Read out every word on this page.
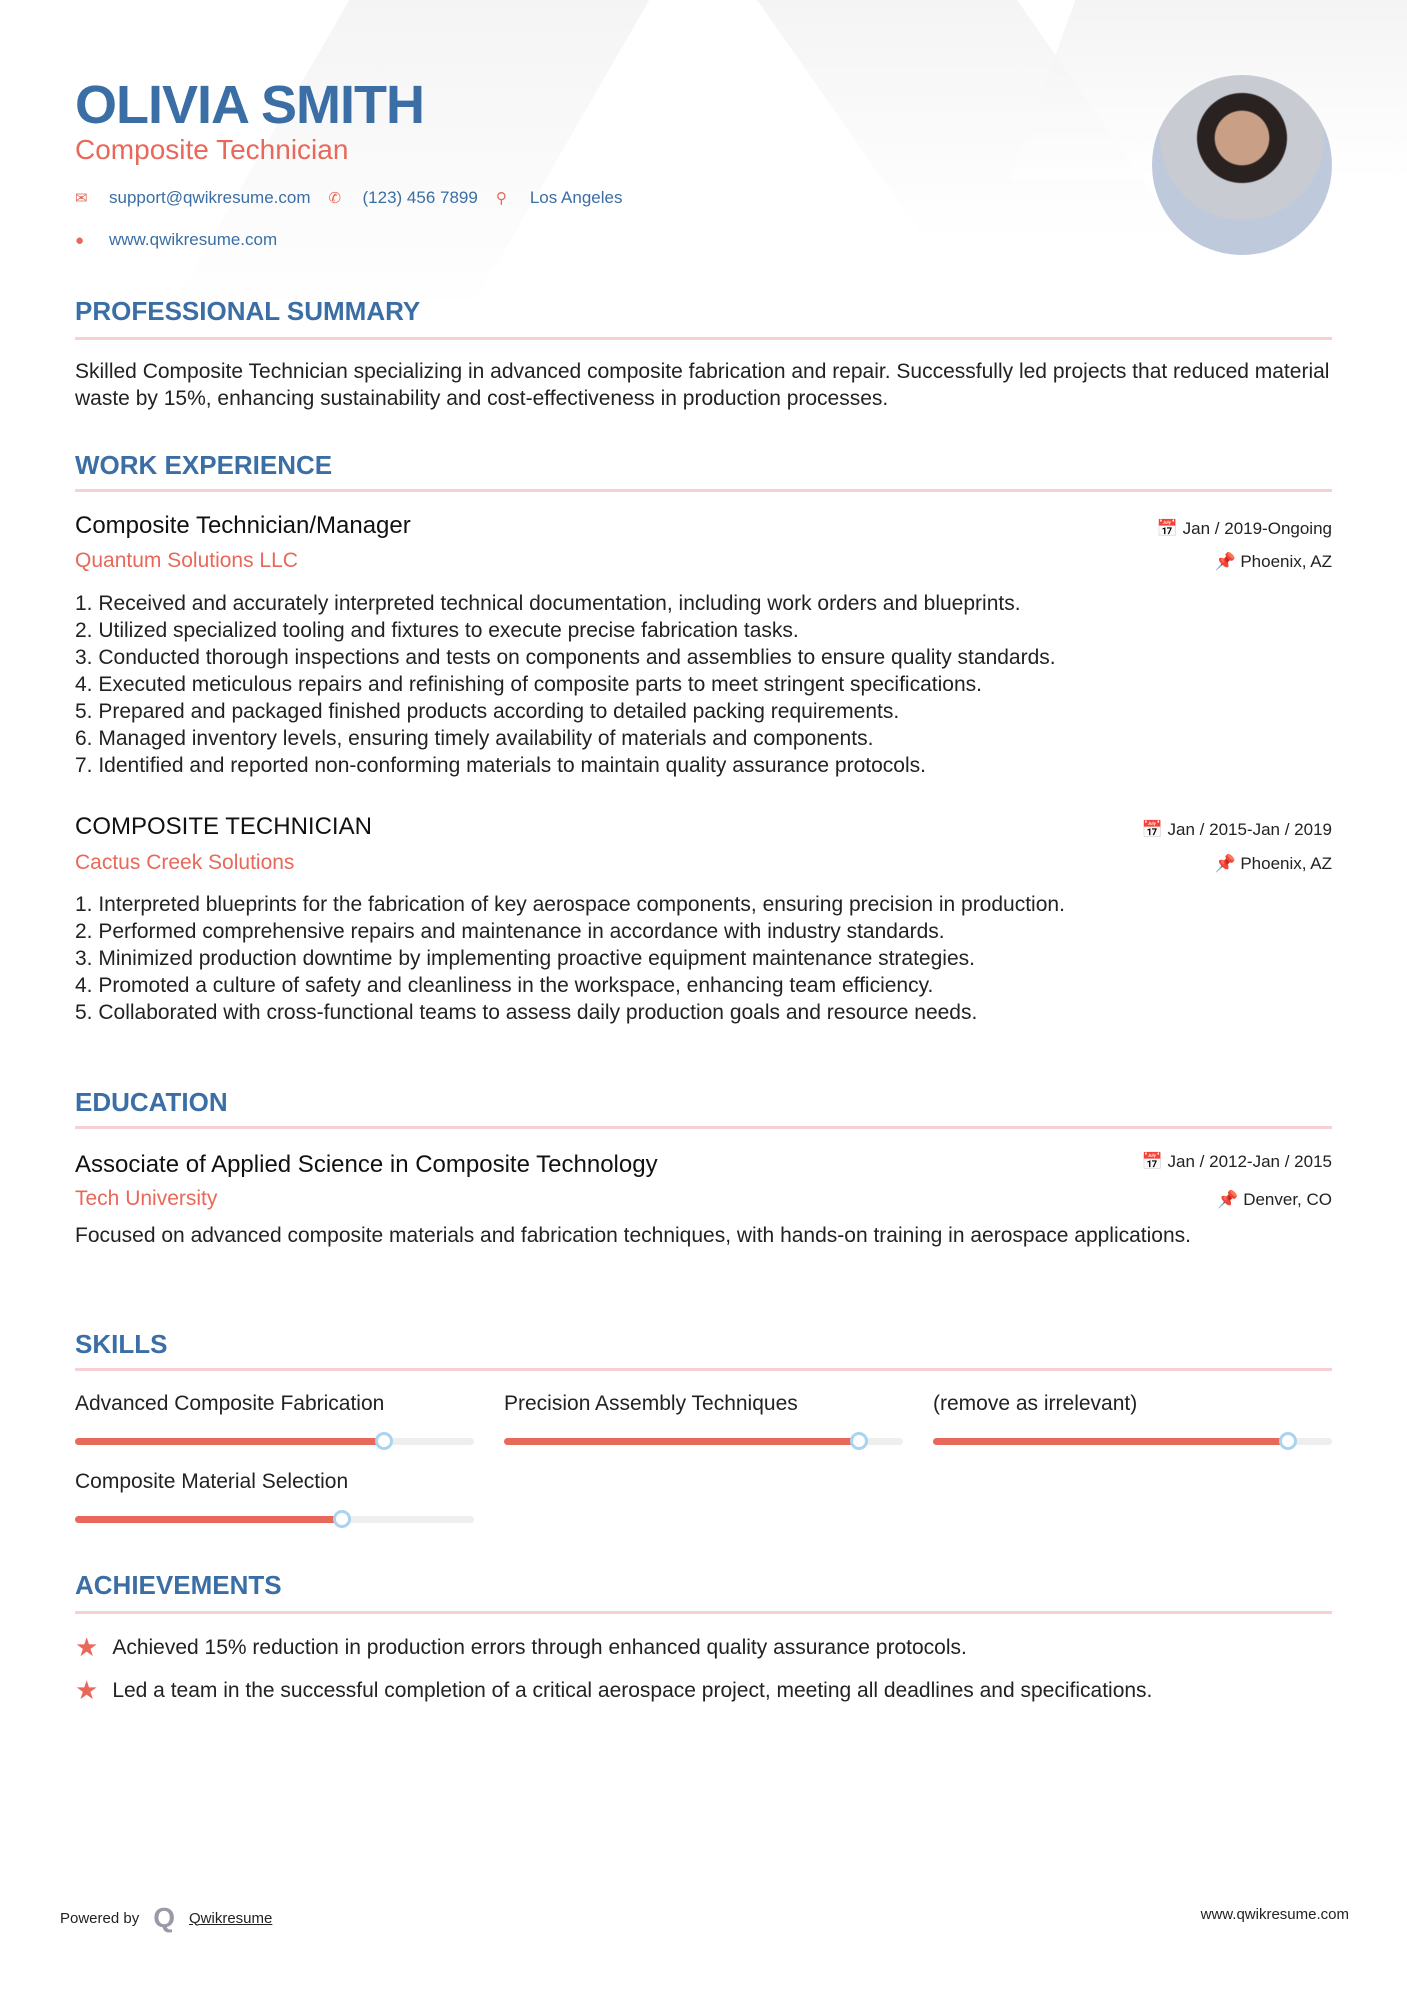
OLIVIA SMITH
Composite Technician
✉	support@qwikresume.com ✆	(123) 456 7899 ⚲	Los Angeles
●	www.qwikresume.com
PROFESSIONAL SUMMARY
Skilled Composite Technician specializing in advanced composite fabrication and repair. Successfully led projects that reduced material waste by 15%, enhancing sustainability and cost-effectiveness in production processes.
WORK EXPERIENCE
Composite Technician/Manager
Quantum Solutions LLC
📅 Jan / 2019-Ongoing
📌 Phoenix, AZ
1. Received and accurately interpreted technical documentation, including work orders and blueprints.
2. Utilized specialized tooling and fixtures to execute precise fabrication tasks.
3. Conducted thorough inspections and tests on components and assemblies to ensure quality standards.
4. Executed meticulous repairs and refinishing of composite parts to meet stringent specifications.
5. Prepared and packaged finished products according to detailed packing requirements.
6. Managed inventory levels, ensuring timely availability of materials and components.
7. Identified and reported non-conforming materials to maintain quality assurance protocols.
COMPOSITE TECHNICIAN
Cactus Creek Solutions
📅 Jan / 2015-Jan / 2019
📌 Phoenix, AZ
1. Interpreted blueprints for the fabrication of key aerospace components, ensuring precision in production.
2. Performed comprehensive repairs and maintenance in accordance with industry standards.
3. Minimized production downtime by implementing proactive equipment maintenance strategies.
4. Promoted a culture of safety and cleanliness in the workspace, enhancing team efficiency.
5. Collaborated with cross-functional teams to assess daily production goals and resource needs.
EDUCATION
Associate of Applied Science in Composite Technology
Tech University
📅 Jan / 2012-Jan / 2015
📌 Denver, CO
Focused on advanced composite materials and fabrication techniques, with hands-on training in aerospace applications.
SKILLS
Advanced Composite Fabrication	Precision Assembly Techniques	(remove as irrelevant)
Composite Material Selection
ACHIEVEMENTS
★ Achieved 15% reduction in production errors through enhanced quality assurance protocols.
★ Led a team in the successful completion of a critical aerospace project, meeting all deadlines and specifications.
Powered by Q Qwikresume	www.qwikresume.com
